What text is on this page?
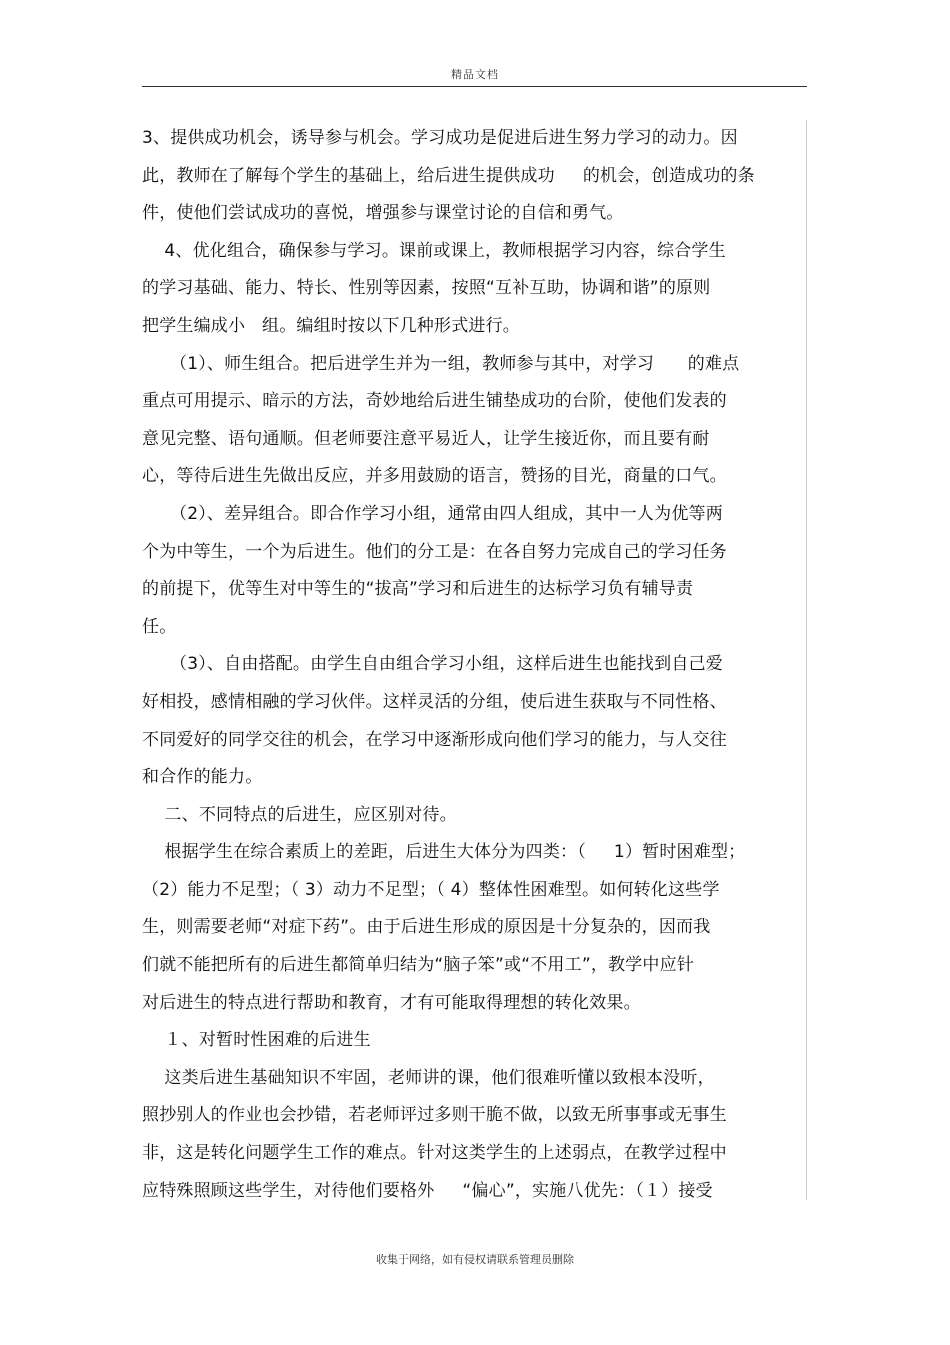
精品文档
3、提供成功机会，诱导参与机会。学习成功是促进后进生努力学习的动力。因
此，教师在了解每个学生的基础上，给后进生提供成功     的机会，创造成功的条
件，使他们尝试成功的喜悦，增强参与课堂讨论的自信和勇气。
4、优化组合，确保参与学习。课前或课上，教师根据学习内容，综合学生
的学习基础、能力、特长、性别等因素，按照“互补互助，协调和谐”的原则
把学生编成小   组。编组时按以下几种形式进行。
（1）、师生组合。把后进学生并为一组，教师参与其中，对学习      的难点
重点可用提示、暗示的方法，奇妙地给后进生铺垫成功的台阶，使他们发表的
意见完整、语句通顺。但老师要注意平易近人，让学生接近你，而且要有耐
心，等待后进生先做出反应，并多用鼓励的语言，赞扬的目光，商量的口气。
（2）、差异组合。即合作学习小组，通常由四人组成，其中一人为优等两
个为中等生，一个为后进生。他们的分工是：在各自努力完成自己的学习任务
的前提下，优等生对中等生的“拔高”学习和后进生的达标学习负有辅导责
任。
（3）、自由搭配。由学生自由组合学习小组，这样后进生也能找到自己爱
好相投，感情相融的学习伙伴。这样灵活的分组，使后进生获取与不同性格、
不同爱好的同学交往的机会，在学习中逐渐形成向他们学习的能力，与人交往
和合作的能力。
二、不同特点的后进生，应区别对待。
根据学生在综合素质上的差距，后进生大体分为四类：（     1）暂时困难型；
（2）能力不足型；（ 3）动力不足型；（ 4）整体性困难型。如何转化这些学
生，则需要老师“对症下药”。由于后进生形成的原因是十分复杂的，因而我
们就不能把所有的后进生都简单归结为“脑子笨”或“不用工”，教学中应针
对后进生的特点进行帮助和教育，才有可能取得理想的转化效果。
１、对暂时性困难的后进生
这类后进生基础知识不牢固，老师讲的课，他们很难听懂以致根本没听，
照抄别人的作业也会抄错，若老师评过多则干脆不做，以致无所事事或无事生
非，这是转化问题学生工作的难点。针对这类学生的上述弱点，在教学过程中
应特殊照顾这些学生，对待他们要格外     “偏心”，实施八优先：（１）接受
收集于网络，如有侵权请联系管理员删除
